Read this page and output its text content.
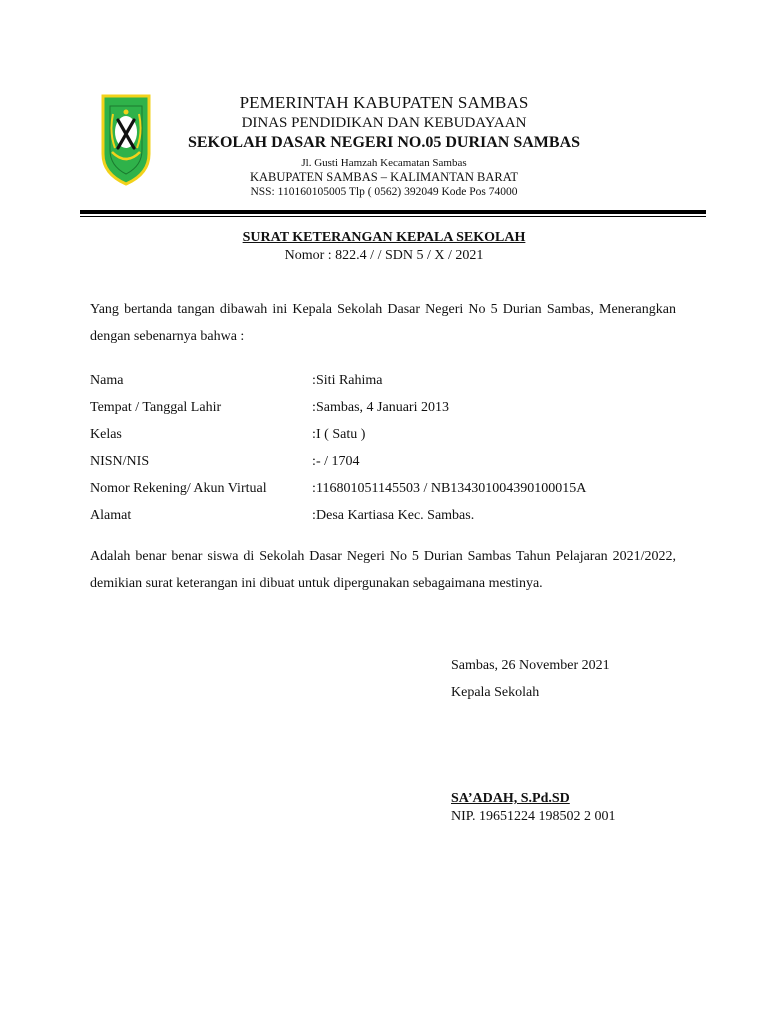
PEMERINTAH KABUPATEN SAMBAS
DINAS PENDIDIKAN DAN KEBUDAYAAN
SEKOLAH DASAR NEGERI NO.05 DURIAN SAMBAS
Jl. Gusti Hamzah Kecamatan Sambas
KABUPATEN SAMBAS – KALIMANTAN BARAT
NSS: 110160105005 Tlp ( 0562) 392049 Kode Pos 74000
SURAT KETERANGAN KEPALA SEKOLAH
Nomor : 822.4 / / SDN 5 / X / 2021
Yang bertanda tangan dibawah ini Kepala Sekolah Dasar Negeri No 5 Durian Sambas, Menerangkan dengan sebenarnya bahwa :
Nama	: Siti Rahima
Tempat / Tanggal Lahir	: Sambas, 4 Januari 2013
Kelas	: I ( Satu )
NISN/NIS	: - / 1704
Nomor Rekening/ Akun Virtual	: 116801051145503 / NB134301004390100015A
Alamat	: Desa Kartiasa Kec. Sambas.
Adalah benar benar siswa di Sekolah Dasar Negeri No 5 Durian Sambas Tahun Pelajaran 2021/2022, demikian surat keterangan ini dibuat untuk dipergunakan sebagaimana mestinya.
Sambas, 26 November 2021
Kepala Sekolah
SA’ADAH, S.Pd.SD
NIP. 19651224 198502 2 001
